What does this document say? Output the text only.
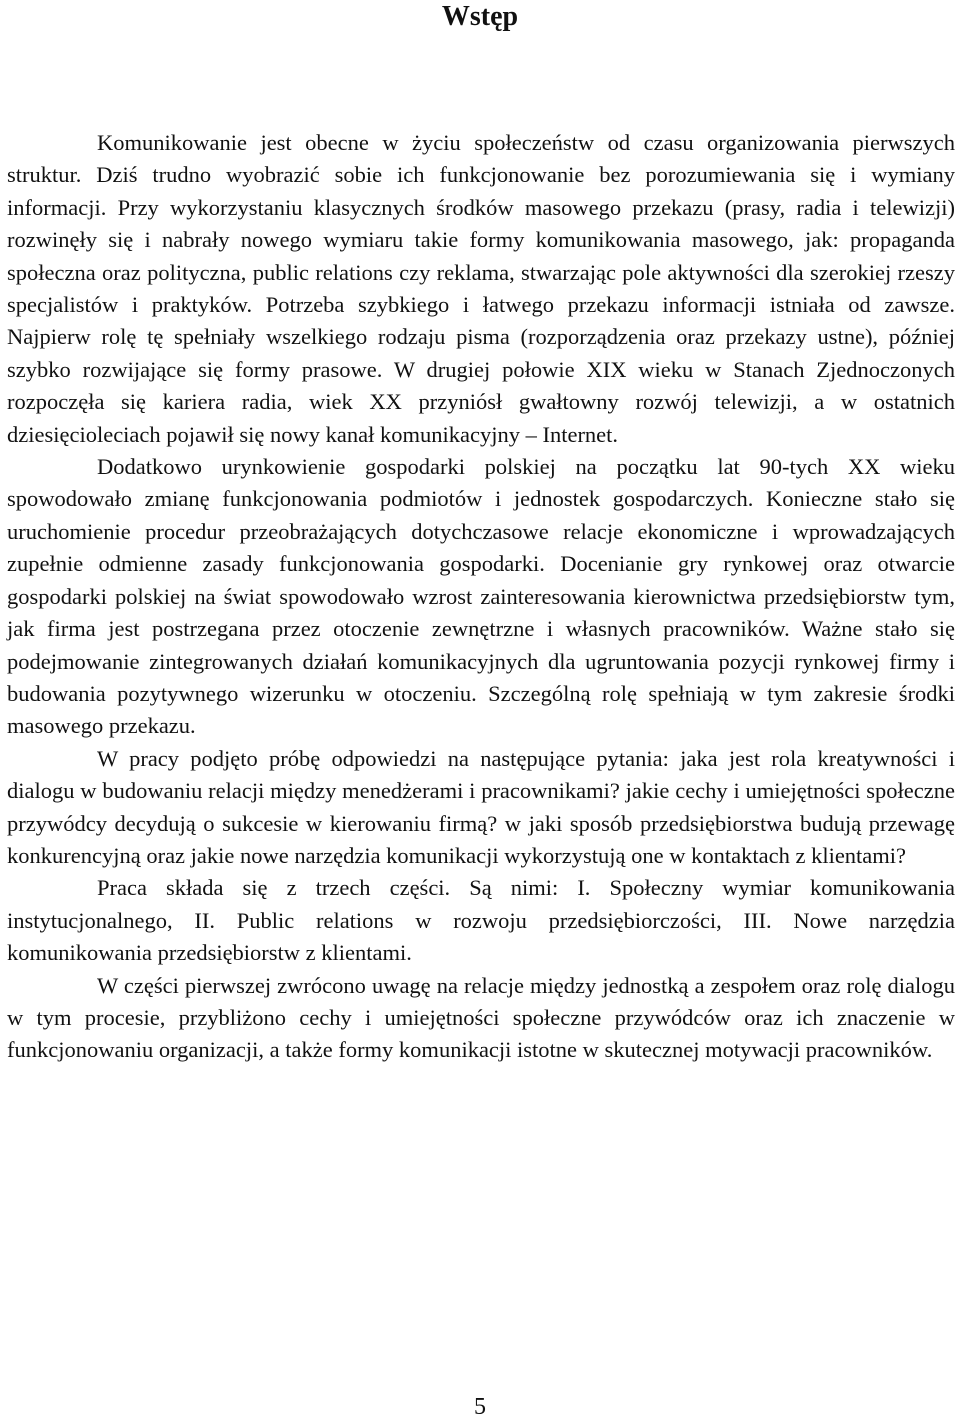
Wstęp

Komunikowanie jest obecne w życiu społeczeństw od czasu organizowania pierwszych struktur. Dziś trudno wyobrazić sobie ich funkcjonowanie bez porozumiewania się i wymiany informacji. Przy wykorzystaniu klasycznych środków masowego przekazu (prasy, radia i telewizji) rozwinęły się i nabrały nowego wymiaru takie formy komunikowania masowego, jak: propaganda społeczna oraz polityczna, public relations czy reklama, stwarzając pole aktywności dla szerokiej rzeszy specjalistów i praktyków. Potrzeba szybkiego i łatwego przekazu informacji istniała od zawsze. Najpierw rolę tę spełniały wszelkiego rodzaju pisma (rozporządzenia oraz przekazy ustne), później szybko rozwijające się formy prasowe. W drugiej połowie XIX wieku w Stanach Zjednoczonych rozpoczęła się kariera radia, wiek XX przyniósł gwałtowny rozwój telewizji, a w ostatnich dziesięcioleciach pojawił się nowy kanał komunikacyjny – Internet.

Dodatkowo urynkowienie gospodarki polskiej na początku lat 90-tych XX wieku spowodowało zmianę funkcjonowania podmiotów i jednostek gospodarczych. Konieczne stało się uruchomienie procedur przeobrażających dotychczasowe relacje ekonomiczne i wprowadzających zupełnie odmienne zasady funkcjonowania gospodarki. Docenianie gry rynkowej oraz otwarcie gospodarki polskiej na świat spowodowało wzrost zainteresowania kierownictwa przedsiębiorstw tym, jak firma jest postrzegana przez otoczenie zewnętrzne i własnych pracowników. Ważne stało się podejmowanie zintegrowanych działań komunikacyjnych dla ugruntowania pozycji rynkowej firmy i budowania pozytywnego wizerunku w otoczeniu. Szczególną rolę spełniają w tym zakresie środki masowego przekazu.

W pracy podjęto próbę odpowiedzi na następujące pytania: jaka jest rola kreatywności i dialogu w budowaniu relacji między menedżerami i pracownikami? jakie cechy i umiejętności społeczne przywódcy decydują o sukcesie w kierowaniu firmą? w jaki sposób przedsiębiorstwa budują przewagę konkurencyjną oraz jakie nowe narzędzia komunikacji wykorzystują one w kontaktach z klientami?

Praca składa się z trzech części. Są nimi: I. Społeczny wymiar komunikowania instytucjonalnego, II. Public relations w rozwoju przedsiębiorczości, III. Nowe narzędzia komunikowania przedsiębiorstw z klientami.

W części pierwszej zwrócono uwagę na relacje między jednostką a zespołem oraz rolę dialogu w tym procesie, przybliżono cechy i umiejętności społeczne przywódców oraz ich znaczenie w funkcjonowaniu organizacji, a także formy komunikacji istotne w skutecznej motywacji pracowników.

5
